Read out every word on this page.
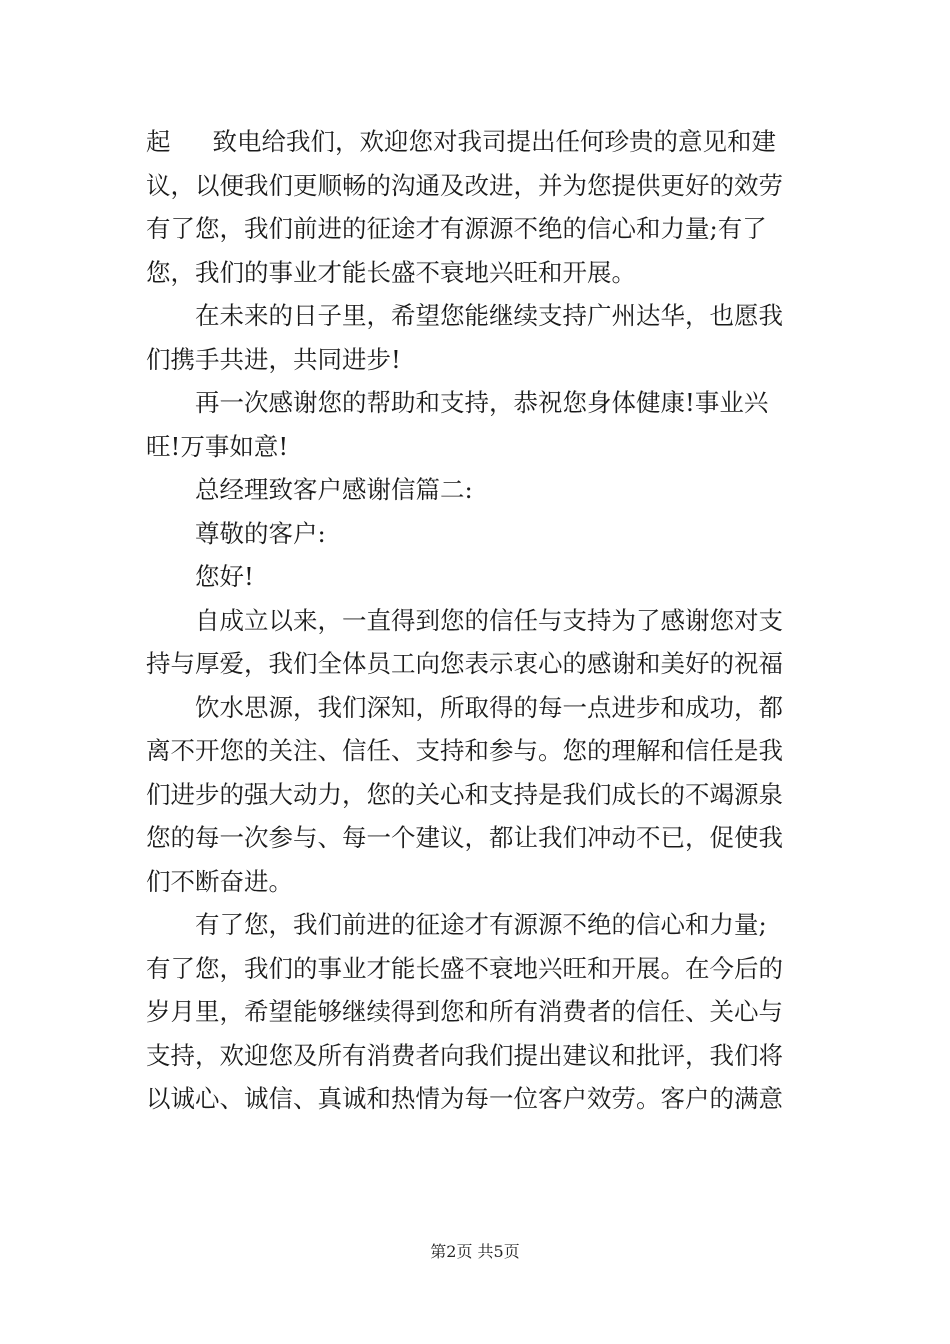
起 致电给我们，欢迎您对我司提出任何珍贵的意见和建
议，以便我们更顺畅的沟通及改进，并为您提供更好的效劳
有了您，我们前进的征途才有源源不绝的信心和力量;有了
您，我们的事业才能长盛不衰地兴旺和开展。
在未来的日子里，希望您能继续支持广州达华，也愿我
们携手共进，共同进步!
再一次感谢您的帮助和支持，恭祝您身体健康!事业兴
旺!万事如意!
总经理致客户感谢信篇二:
尊敬的客户:
您好!
自成立以来，一直得到您的信任与支持为了感谢您对支
持与厚爱，我们全体员工向您表示衷心的感谢和美好的祝福
饮水思源，我们深知，所取得的每一点进步和成功，都
离不开您的关注、信任、支持和参与。您的理解和信任是我
们进步的强大动力，您的关心和支持是我们成长的不竭源泉
您的每一次参与、每一个建议，都让我们冲动不已，促使我
们不断奋进。
有了您，我们前进的征途才有源源不绝的信心和力量;
有了您，我们的事业才能长盛不衰地兴旺和开展。在今后的
岁月里，希望能够继续得到您和所有消费者的信任、关心与
支持，欢迎您及所有消费者向我们提出建议和批评，我们将
以诚心、诚信、真诚和热情为每一位客户效劳。客户的满意
第2页 共5页
